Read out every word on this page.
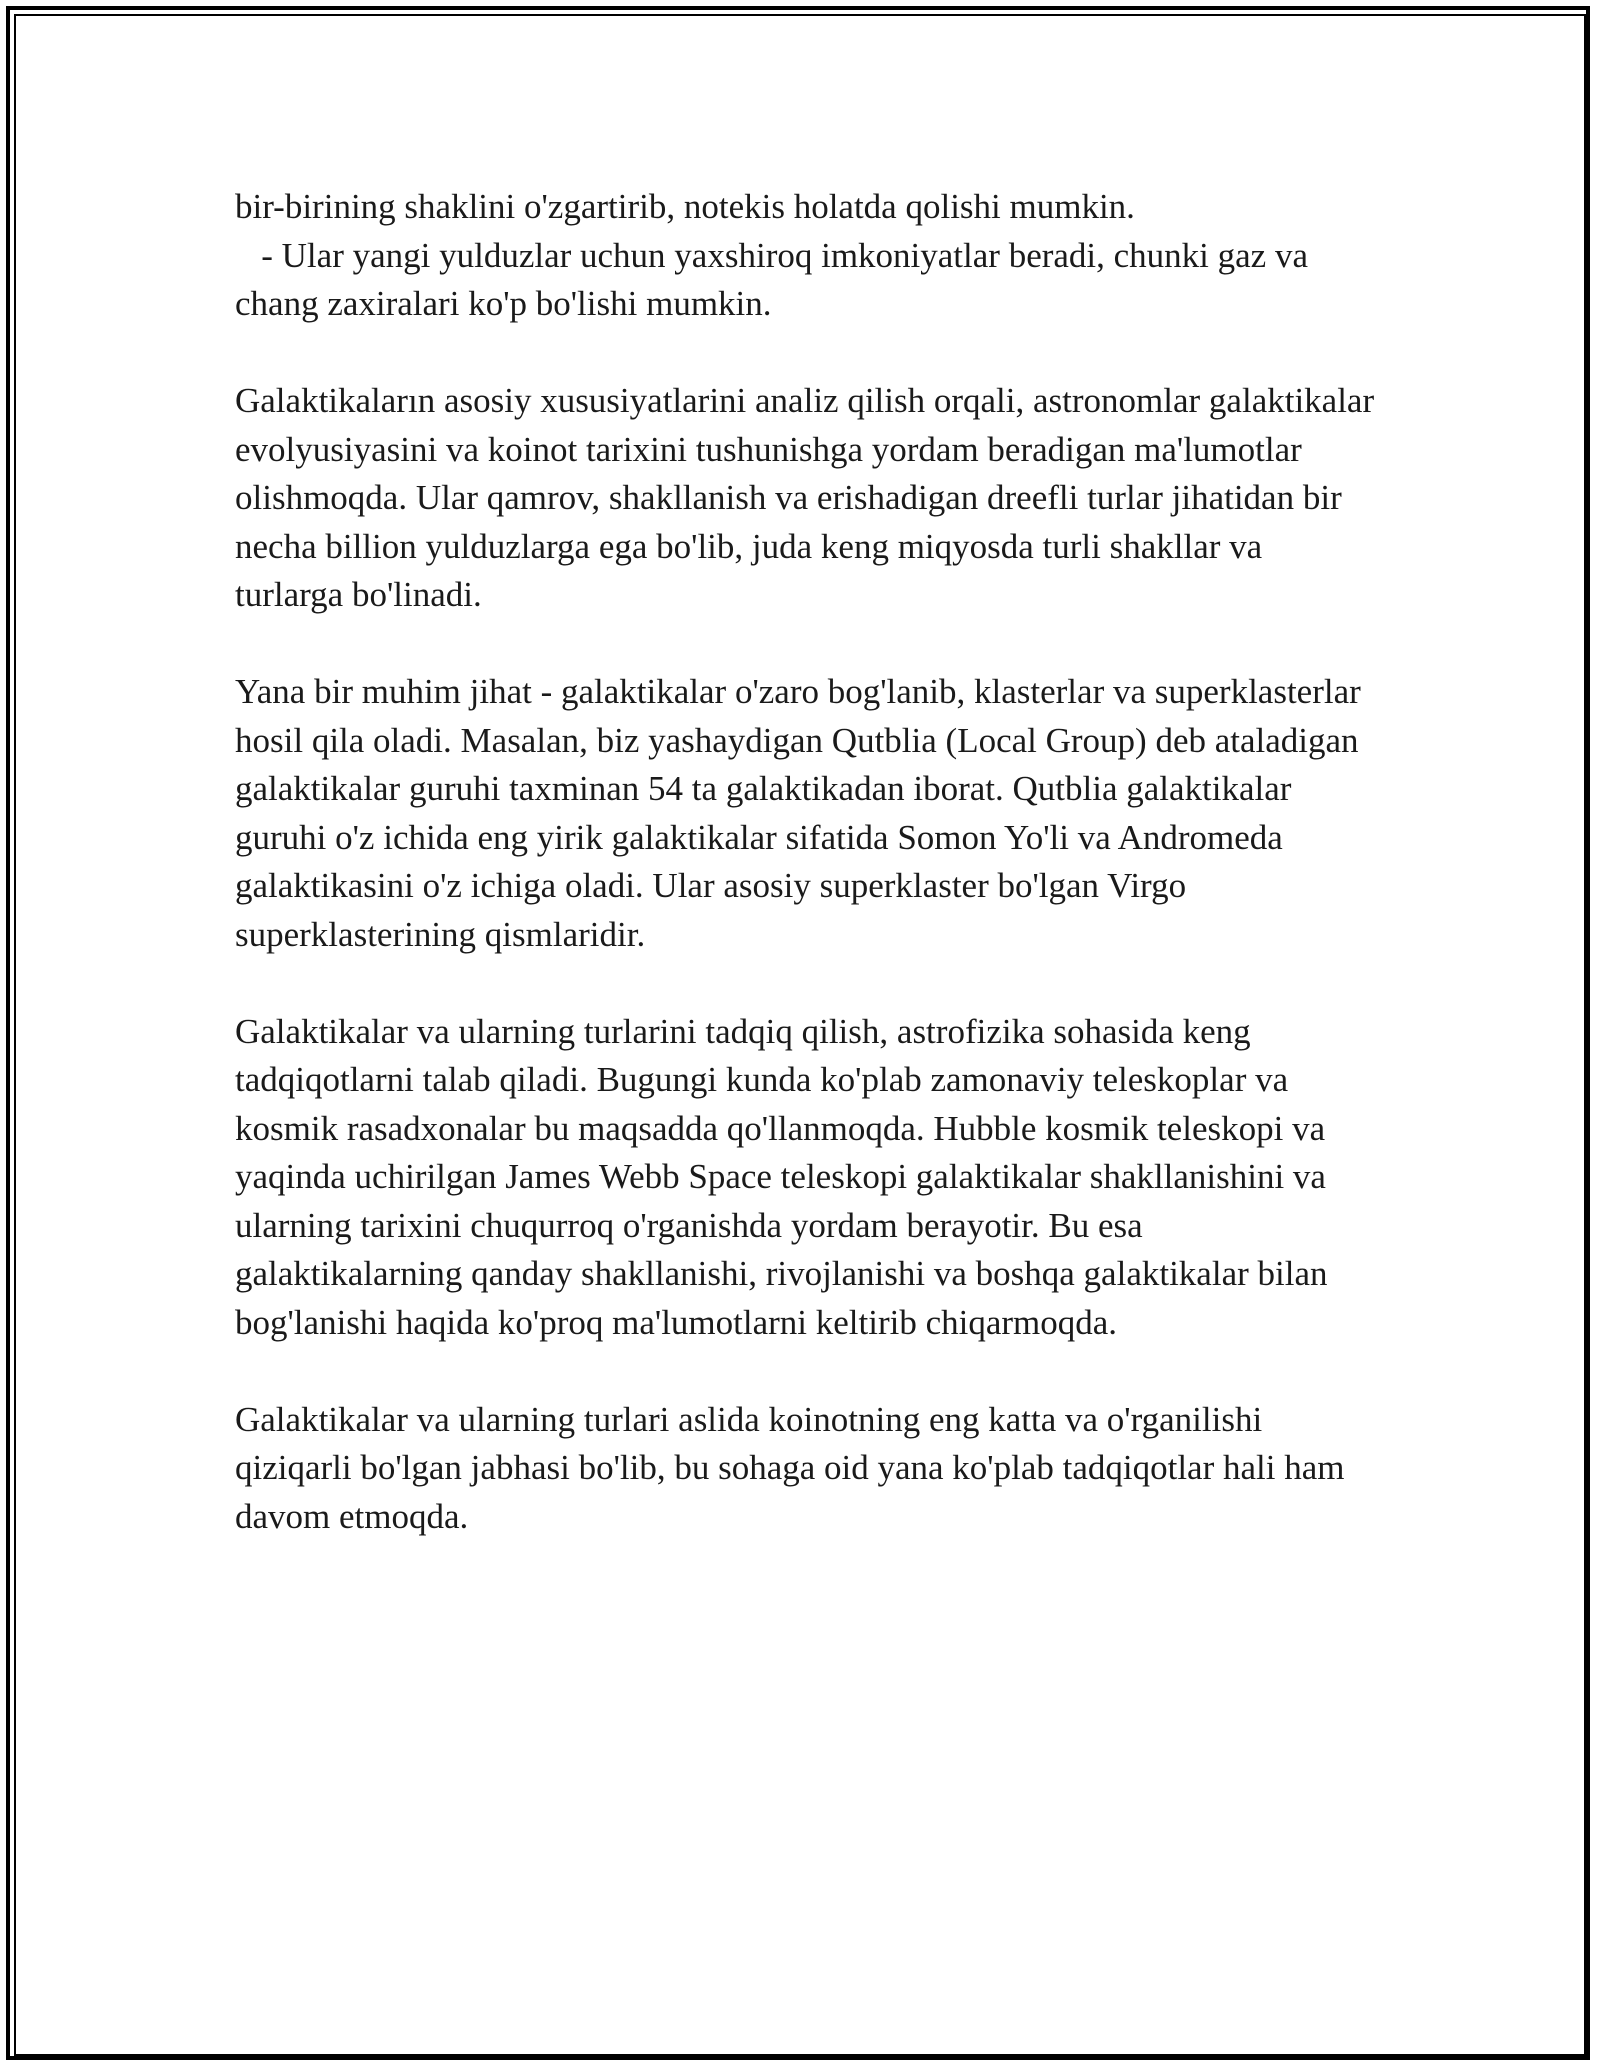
bir-birining shaklini o'zgartirib, notekis holatda qolishi mumkin.
- Ular yangi yulduzlar uchun yaxshiroq imkoniyatlar beradi, chunki gaz va chang zaxiralari ko'p bo'lishi mumkin.

Galaktikaların asosiy xususiyatlarini analiz qilish orqali, astronomlar galaktikalar evolyusiyasini va koinot tarixini tushunishga yordam beradigan ma'lumotlar olishmoqda. Ular qamrov, shakllanish va erishadigan dreefli turlar jihatidan bir necha billion yulduzlarga ega bo'lib, juda keng miqyosda turli shakllar va turlarga bo'linadi.

Yana bir muhim jihat - galaktikalar o'zaro bog'lanib, klasterlar va superklasterlar hosil qila oladi. Masalan, biz yashaydigan Qutblia (Local Group) deb ataladigan galaktikalar guruhi taxminan 54 ta galaktikadan iborat. Qutblia galaktikalar guruhi o'z ichida eng yirik galaktikalar sifatida Somon Yo'li va Andromeda galaktikasini o'z ichiga oladi. Ular asosiy superklaster bo'lgan Virgo superklasterining qismlaridir.

Galaktikalar va ularning turlarini tadqiq qilish, astrofizika sohasida keng tadqiqotlarni talab qiladi. Bugungi kunda ko'plab zamonaviy teleskoplar va kosmik rasadxonalar bu maqsadda qo'llanmoqda. Hubble kosmik teleskopi va yaqinda uchirilgan James Webb Space teleskopi galaktikalar shakllanishini va ularning tarixini chuqurroq o'rganishda yordam berayotir. Bu esa galaktikalarning qanday shakllanishi, rivojlanishi va boshqa galaktikalar bilan bog'lanishi haqida ko'proq ma'lumotlarni keltirib chiqarmoqda.

Galaktikalar va ularning turlari aslida koinotning eng katta va o'rganilishi qiziqarli bo'lgan jabhasi bo'lib, bu sohaga oid yana ko'plab tadqiqotlar hali ham davom etmoqda.
